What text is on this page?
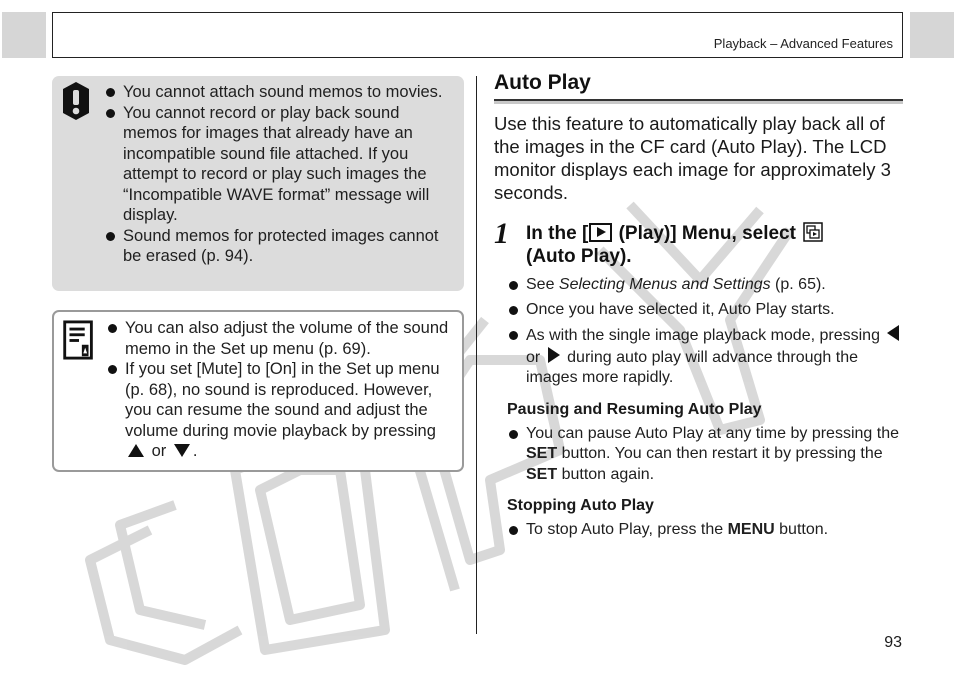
Playback – Advanced Features
You cannot attach sound memos to movies.
You cannot record or play back sound memos for images that already have an incompatible sound file attached. If you attempt to record or play such images the “Incompatible WAVE format” message will display.
Sound memos for protected images cannot be erased (p. 94).
You can also adjust the volume of the sound memo in the Set up menu (p. 69).
If you set [Mute] to [On] in the Set up menu (p. 68), no sound is reproduced. However, you can resume the sound and adjust the volume during movie playback by pressing  or .
Auto Play

Use this feature to automatically play back all of the images in the CF card (Auto Play). The LCD monitor displays each image for approximately 3 seconds.

1 In the [ (Play)] Menu, select
(Auto Play).
See Selecting Menus and Settings (p. 65).
Once you have selected it, Auto Play starts.
As with the single image playback mode, pressing  or during auto play will advance through the images more rapidly.
Pausing and Resuming Auto Play
You can pause Auto Play at any time by pressing the SET button. You can then restart it by pressing the SET button again.
Stopping Auto Play
To stop Auto Play, press the MENU button.
93
